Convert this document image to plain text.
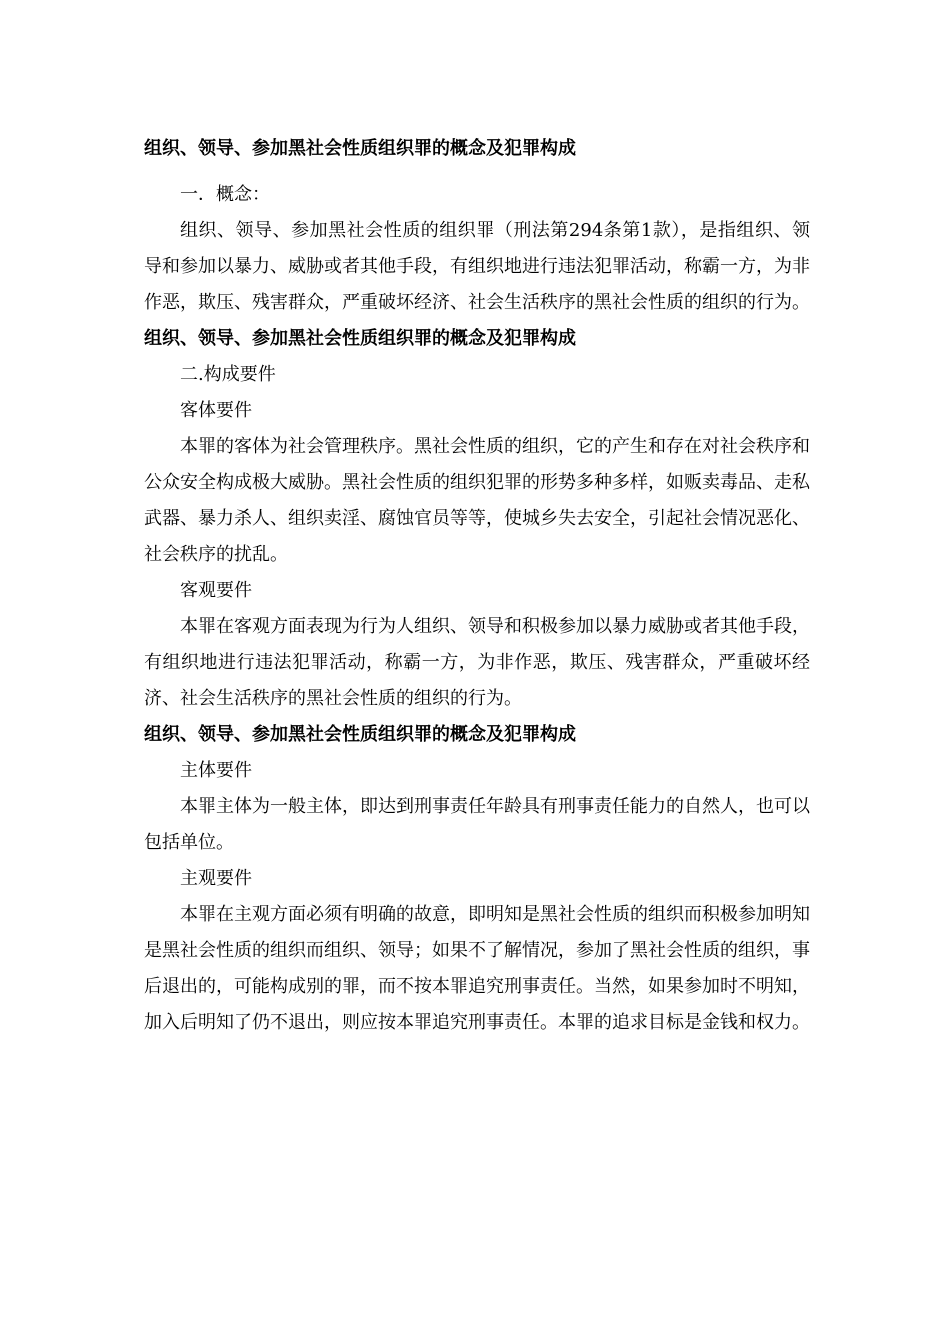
组织、领导、参加黑社会性质组织罪的概念及犯罪构成

一．概念：

组织、领导、参加黑社会性质的组织罪（刑法第294条第1款），是指组织、领导和参加以暴力、威胁或者其他手段，有组织地进行违法犯罪活动，称霸一方，为非作恶，欺压、残害群众，严重破坏经济、社会生活秩序的黑社会性质的组织的行为。

组织、领导、参加黑社会性质组织罪的概念及犯罪构成

二.构成要件

客体要件

本罪的客体为社会管理秩序。黑社会性质的组织，它的产生和存在对社会秩序和公众安全构成极大威胁。黑社会性质的组织犯罪的形势多种多样，如贩卖毒品、走私武器、暴力杀人、组织卖淫、腐蚀官员等等，使城乡失去安全，引起社会情况恶化、社会秩序的扰乱。

客观要件

本罪在客观方面表现为行为人组织、领导和积极参加以暴力威胁或者其他手段，有组织地进行违法犯罪活动，称霸一方，为非作恶，欺压、残害群众，严重破坏经济、社会生活秩序的黑社会性质的组织的行为。

组织、领导、参加黑社会性质组织罪的概念及犯罪构成

主体要件

本罪主体为一般主体，即达到刑事责任年龄具有刑事责任能力的自然人，也可以包括单位。

主观要件

本罪在主观方面必须有明确的故意，即明知是黑社会性质的组织而积极参加明知是黑社会性质的组织而组织、领导；如果不了解情况，参加了黑社会性质的组织，事后退出的，可能构成别的罪，而不按本罪追究刑事责任。当然，如果参加时不明知，加入后明知了仍不退出，则应按本罪追究刑事责任。本罪的追求目标是金钱和权力。
